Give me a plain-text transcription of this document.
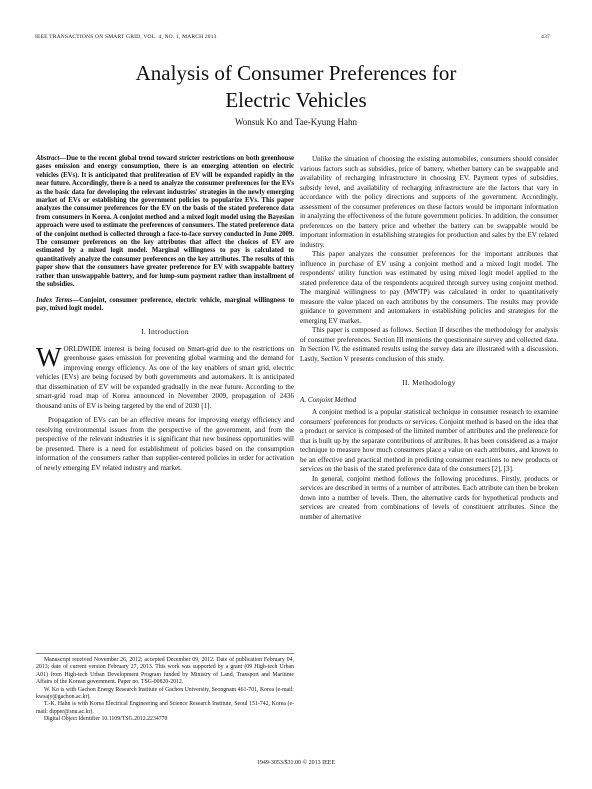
IEEE TRANSACTIONS ON SMART GRID, VOL. 4, NO. 1, MARCH 2013	437
Analysis of Consumer Preferences for
Electric Vehicles
Wonsuk Ko and Tae-Kyung Hahn
Abstract—Due to the recent global trend toward stricter restrictions on both greenhouse gases emission and energy consumption, there is an emerging attention on electric vehicles (EVs). It is anticipated that proliferation of EV will be expanded rapidly in the near future. Accordingly, there is a need to analyze the consumer preferences for the EVs as the basic data for developing the relevant industries' strategies in the newly emerging market of EVs or establishing the government policies to popularize EVs. This paper analyzes the consumer preferences for the EV on the basis of the stated preference data from consumers in Korea. A conjoint method and a mixed logit model using the Bayesian approach were used to estimate the preferences of consumers. The stated preference data of the conjoint method is collected through a face-to-face survey conducted in June 2009. The consumer preferences on the key attributes that affect the choices of EV are estimated by a mixed logit model. Marginal willingness to pay is calculated to quantitatively analyze the consumer preferences on the key attributes. The results of this paper show that the consumers have greater preference for EV with swappable battery rather than unswappable battery, and for lump-sum payment rather than installment of the subsidies.
Index Terms—Conjoint, consumer preference, electric vehicle, marginal willingness to pay, mixed logit model.
I. Introduction

WORLDWIDE interest is being focused on Smart-grid due to the restrictions on greenhouse gases emission for preventing global warming and the demand for improving energy efficiency. As one of the key enablers of smart grid, electric vehicles (EVs) are being focused by both governments and automakers. It is anticipated that dissemination of EV will be expanded gradually in the near future. According to the smart-grid road map of Korea announced in November 2009, propagation of 2436 thousand units of EV is being targeted by the end of 2030 [1].

Propagation of EVs can be an effective means for improving energy efficiency and resolving environmental issues from the perspective of the government, and from the perspective of the relevant industries it is significant that new business opportunities will be presented. There is a need for establishment of policies based on the consumption information of the consumers rather than supplier-centered policies in order for activation of newly emerging EV related industry and market.

Manuscript received November 26, 2012; accepted December 09, 2012. Date of publication February 04, 2013; date of current version February 27, 2013. This work was supported by a grant (09 High-tech Urban A01) from High-tech Urban Development Program funded by Ministry of Land, Transport and Maritime Affairs of the Korean government. Paper no. TSG-00820-2012.
W. Ko is with Gachon Energy Research Institute of Gachon University, Seongnam 461-701, Korea (e-mail: kwsajy@gachon.ac.kr).
T.-K. Hahn is with Korea Electrical Engineering and Science Research Institute, Seoul 151-742, Korea (e-mail: dipper@snu.ac.kr).
Digital Object Identifier 10.1109/TSG.2012.2234770

Unlike the situation of choosing the existing automobiles, consumers should consider various factors such as subsidies, price of battery, whether battery can be swappable and availability of recharging infrastructure in choosing EV. Payment types of subsidies, subsidy level, and availability of recharging infrastructure are the factors that vary in accordance with the policy directions and supports of the government. Accordingly, assessment of the consumer preferences on these factors would be important information in analyzing the effectiveness of the future government policies. In addition, the consumer preferences on the battery price and whether the battery can be swappable would be important information in establishing strategies for production and sales by the EV related industry.

This paper analyzes the consumer preferences for the important attributes that influence in purchase of EV using a conjoint method and a mixed logit model. The respondents' utility function was estimated by using mixed logit model applied to the stated preference data of the respondents acquired through survey using conjoint method. The marginal willingness to pay (MWTP) was calculated in order to quantitatively measure the value placed on each attributes by the consumers. The results may provide guidance to government and automakers in establishing policies and strategies for the emerging EV market.

This paper is composed as follows. Section II describes the methodology for analysis of consumer preferences. Section III mentions the questionnaire survey and collected data. In Section IV, the estimated results using the survey data are illustrated with a discussion. Lastly, Section V presents conclusion of this study.

II. Methodology
A. Conjoint Method

A conjoint method is a popular statistical technique in consumer research to examine consumers' preferences for products or services. Conjoint method is based on the idea that a product or service is composed of the limited number of attributes and the preference for that is built up by the separate contributions of attributes. It has been considered as a major technique to measure how much consumers place a value on each attributes, and known to be an effective and practical method in predicting consumer reactions to new products or services on the basis of the stated preference data of the consumers [2], [3].

In general, conjoint method follows the following procedures. Firstly, products or services are described in terms of a number of attributes. Each attribute can then be broken down into a number of levels. Then, the alternative cards for hypothetical products and services are created from combinations of levels of constituent attributes. Since the number of alternative

1949-3053/$31.00 © 2013 IEEE
